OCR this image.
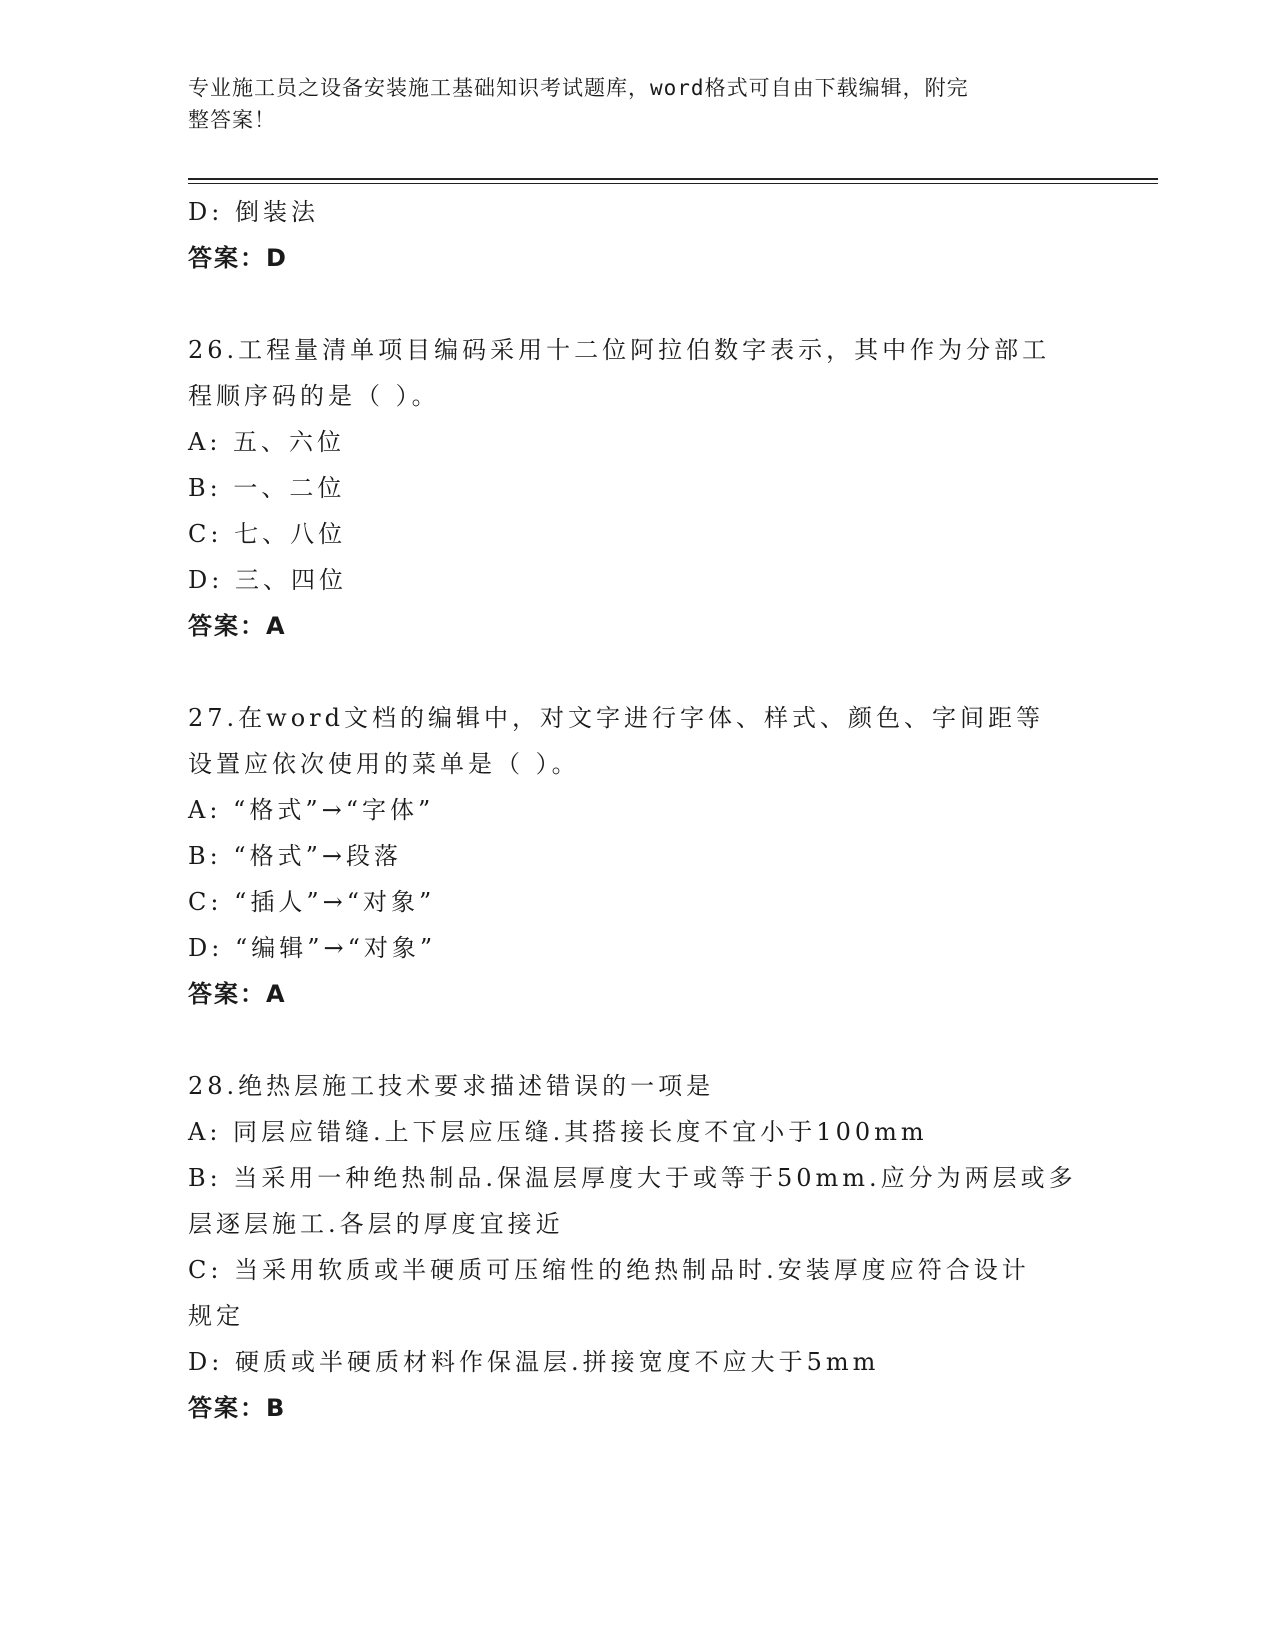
专业施工员之设备安装施工基础知识考试题库，word格式可自由下载编辑，附完
整答案！
D: 倒装法
答案：D
26.工程量清单项目编码采用十二位阿拉伯数字表示，其中作为分部工
程顺序码的是（ ）。
A: 五、六位
B: 一、二位
C: 七、八位
D: 三、四位
答案：A
27.在word文档的编辑中，对文字进行字体、样式、颜色、字间距等
设置应依次使用的菜单是（ ）。
A: “格式”→“字体”
B: “格式”→段落
C: “插人”→“对象”
D: “编辑”→“对象”
答案：A
28.绝热层施工技术要求描述错误的一项是
A: 同层应错缝.上下层应压缝.其搭接长度不宜小于100mm
B: 当采用一种绝热制品.保温层厚度大于或等于50mm.应分为两层或多
层逐层施工.各层的厚度宜接近
C: 当采用软质或半硬质可压缩性的绝热制品时.安装厚度应符合设计
规定
D: 硬质或半硬质材料作保温层.拼接宽度不应大于5mm
答案：B
